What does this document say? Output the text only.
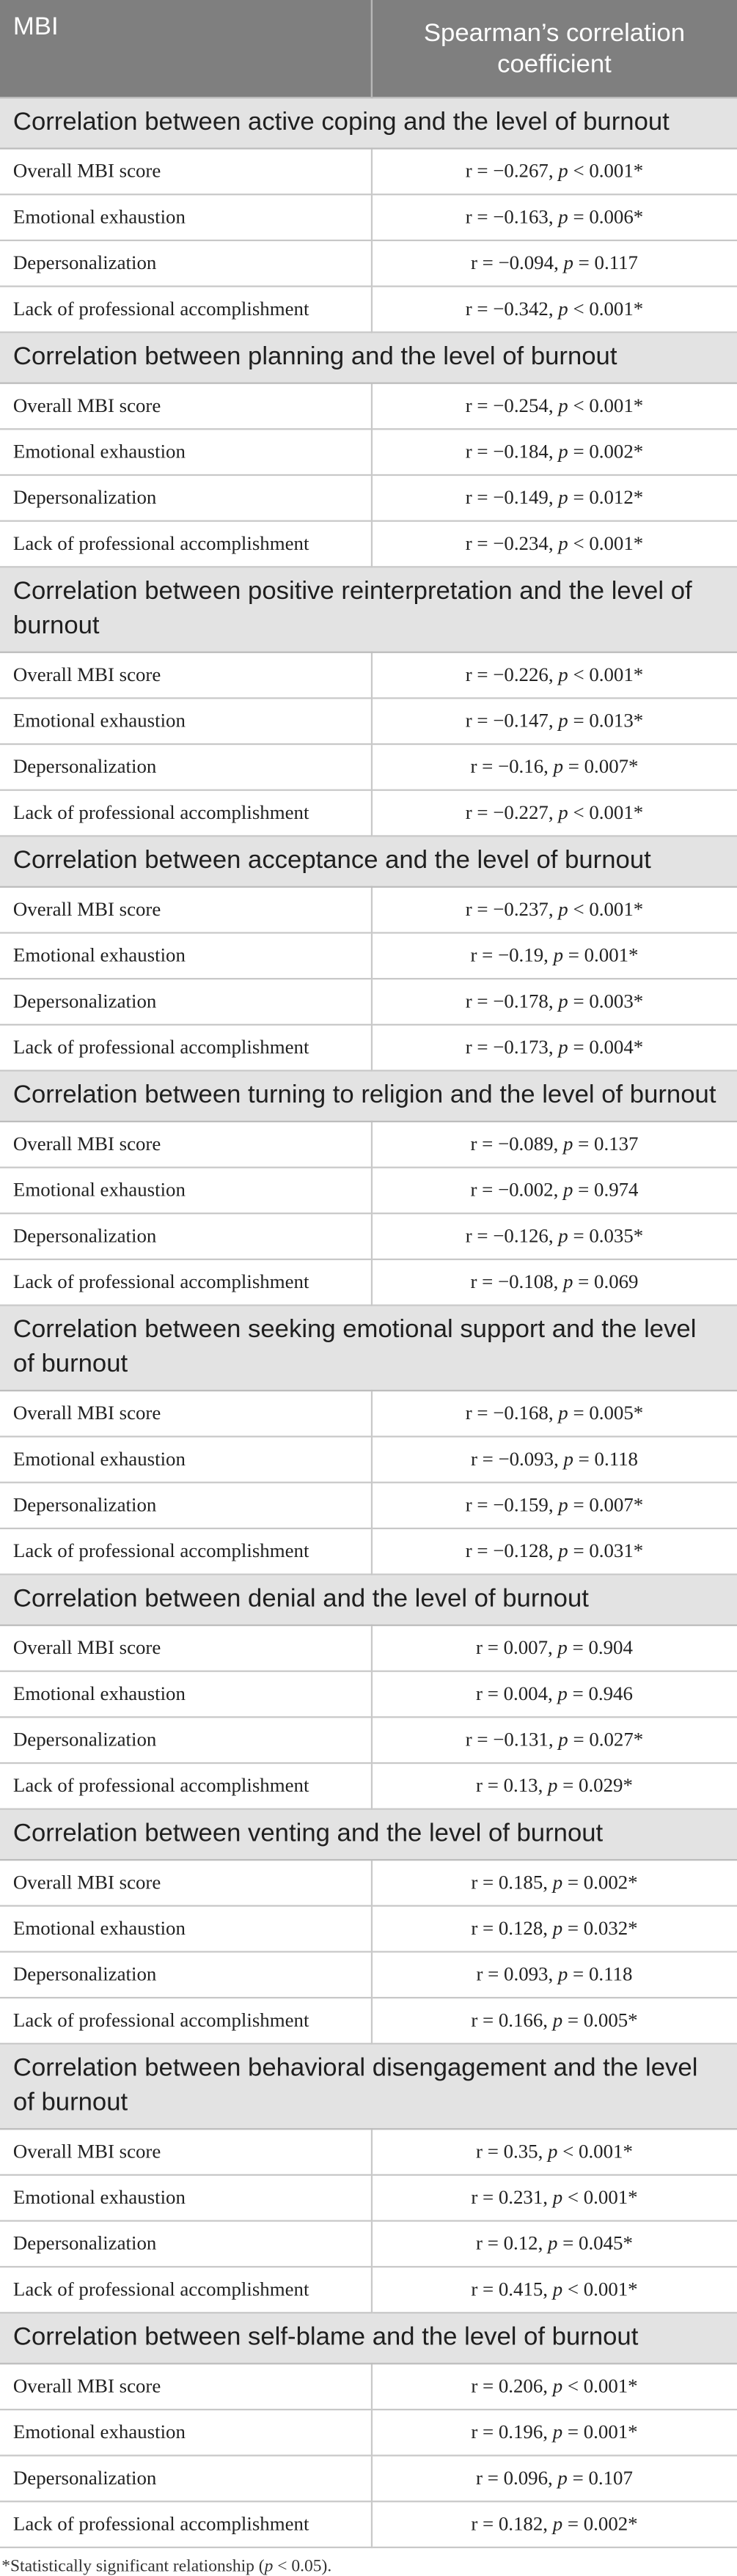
MBI	Spearman’s correlation coefficient
Correlation between active coping and the level of burnout	
Overall MBI score	r = −0.267, p < 0.001*
Emotional exhaustion	r = −0.163, p = 0.006*
Depersonalization	r = −0.094, p = 0.117
Lack of professional accomplishment	r = −0.342, p < 0.001*
Correlation between planning and the level of burnout	
Overall MBI score	r = −0.254, p < 0.001*
Emotional exhaustion	r = −0.184, p = 0.002*
Depersonalization	r = −0.149, p = 0.012*
Lack of professional accomplishment	r = −0.234, p < 0.001*
Correlation between positive reinterpretation and the level of burnout	
Overall MBI score	r = −0.226, p < 0.001*
Emotional exhaustion	r = −0.147, p = 0.013*
Depersonalization	r = −0.16, p = 0.007*
Lack of professional accomplishment	r = −0.227, p < 0.001*
Correlation between acceptance and the level of burnout	
Overall MBI score	r = −0.237, p < 0.001*
Emotional exhaustion	r = −0.19, p = 0.001*
Depersonalization	r = −0.178, p = 0.003*
Lack of professional accomplishment	r = −0.173, p = 0.004*
Correlation between turning to religion and the level of burnout	
Overall MBI score	r = −0.089, p = 0.137
Emotional exhaustion	r = −0.002, p = 0.974
Depersonalization	r = −0.126, p = 0.035*
Lack of professional accomplishment	r = −0.108, p = 0.069
Correlation between seeking emotional support and the level of burnout	
Overall MBI score	r = −0.168, p = 0.005*
Emotional exhaustion	r = −0.093, p = 0.118
Depersonalization	r = −0.159, p = 0.007*
Lack of professional accomplishment	r = −0.128, p = 0.031*
Correlation between denial and the level of burnout	
Overall MBI score	r = 0.007, p = 0.904
Emotional exhaustion	r = 0.004, p = 0.946
Depersonalization	r = −0.131, p = 0.027*
Lack of professional accomplishment	r = 0.13, p = 0.029*
Correlation between venting and the level of burnout	
Overall MBI score	r = 0.185, p = 0.002*
Emotional exhaustion	r = 0.128, p = 0.032*
Depersonalization	r = 0.093, p = 0.118
Lack of professional accomplishment	r = 0.166, p = 0.005*
Correlation between behavioral disengagement and the level of burnout	
Overall MBI score	r = 0.35, p < 0.001*
Emotional exhaustion	r = 0.231, p < 0.001*
Depersonalization	r = 0.12, p = 0.045*
Lack of professional accomplishment	r = 0.415, p < 0.001*
Correlation between self-blame and the level of burnout	
Overall MBI score	r = 0.206, p < 0.001*
Emotional exhaustion	r = 0.196, p = 0.001*
Depersonalization	r = 0.096, p = 0.107
Lack of professional accomplishment	r = 0.182, p = 0.002*
*Statistically significant relationship (p < 0.05).
